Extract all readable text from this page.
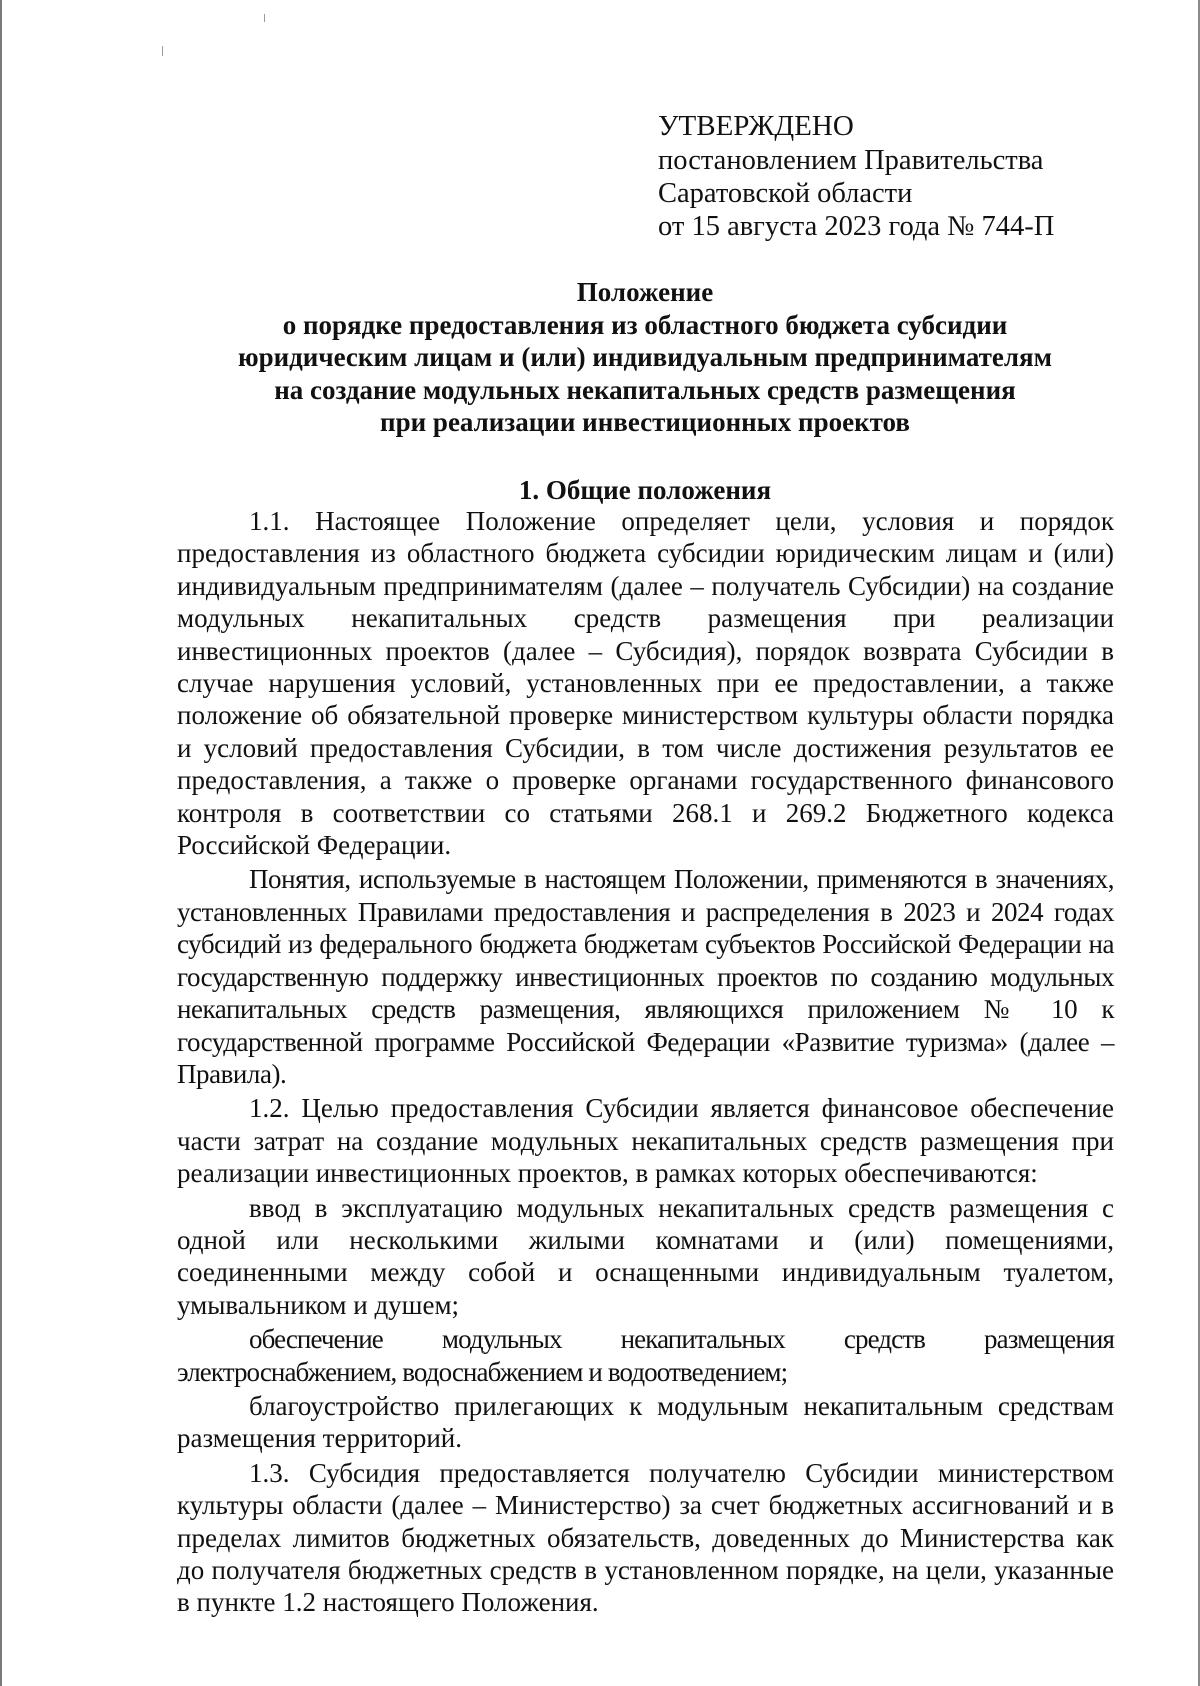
УТВЕРЖДЕНО
постановлением Правительства
Саратовской области
от 15 августа 2023 года № 744-П
Положение
о порядке предоставления из областного бюджета субсидии
юридическим лицам и (или) индивидуальным предпринимателям
на создание модульных некапитальных средств размещения
при реализации инвестиционных проектов
1. Общие положения

1.1. Настоящее Положение определяет цели, условия и порядок предоставления из областного бюджета субсидии юридическим лицам и (или) индивидуальным предпринимателям (далее – получатель Субсидии) на создание модульных некапитальных средств размещения при реализации инвестиционных проектов (далее – Субсидия), порядок возврата Субсидии в случае нарушения условий, установленных при ее предоставлении, а также положение об обязательной проверке министерством культуры области порядка и условий предоставления Субсидии, в том числе достижения результатов ее предоставления, а также о проверке органами государственного финансового контроля в соответствии со статьями 268.1 и 269.2 Бюджетного кодекса Российской Федерации.

Понятия, используемые в настоящем Положении, применяются в значениях, установленных Правилами предоставления и распределения в 2023 и 2024 годах субсидий из федерального бюджета бюджетам субъектов Российской Федерации на государственную поддержку инвестиционных проектов по созданию модульных некапитальных средств размещения, являющихся приложением № 10 к государственной программе Российской Федерации «Развитие туризма» (далее – Правила).

1.2. Целью предоставления Субсидии является финансовое обеспечение части затрат на создание модульных некапитальных средств размещения при реализации инвестиционных проектов, в рамках которых обеспечиваются:

ввод в эксплуатацию модульных некапитальных средств размещения с одной или несколькими жилыми комнатами и (или) помещениями, соединенными между собой и оснащенными индивидуальным туалетом, умывальником и душем;

обеспечение модульных некапитальных средств размещения электроснабжением, водоснабжением и водоотведением;

благоустройство прилегающих к модульным некапитальным средствам размещения территорий.

1.3. Субсидия предоставляется получателю Субсидии министерством культуры области (далее – Министерство) за счет бюджетных ассигнований и в пределах лимитов бюджетных обязательств, доведенных до Министерства как до получателя бюджетных средств в установленном порядке, на цели, указанные в пункте 1.2 настоящего Положения.
